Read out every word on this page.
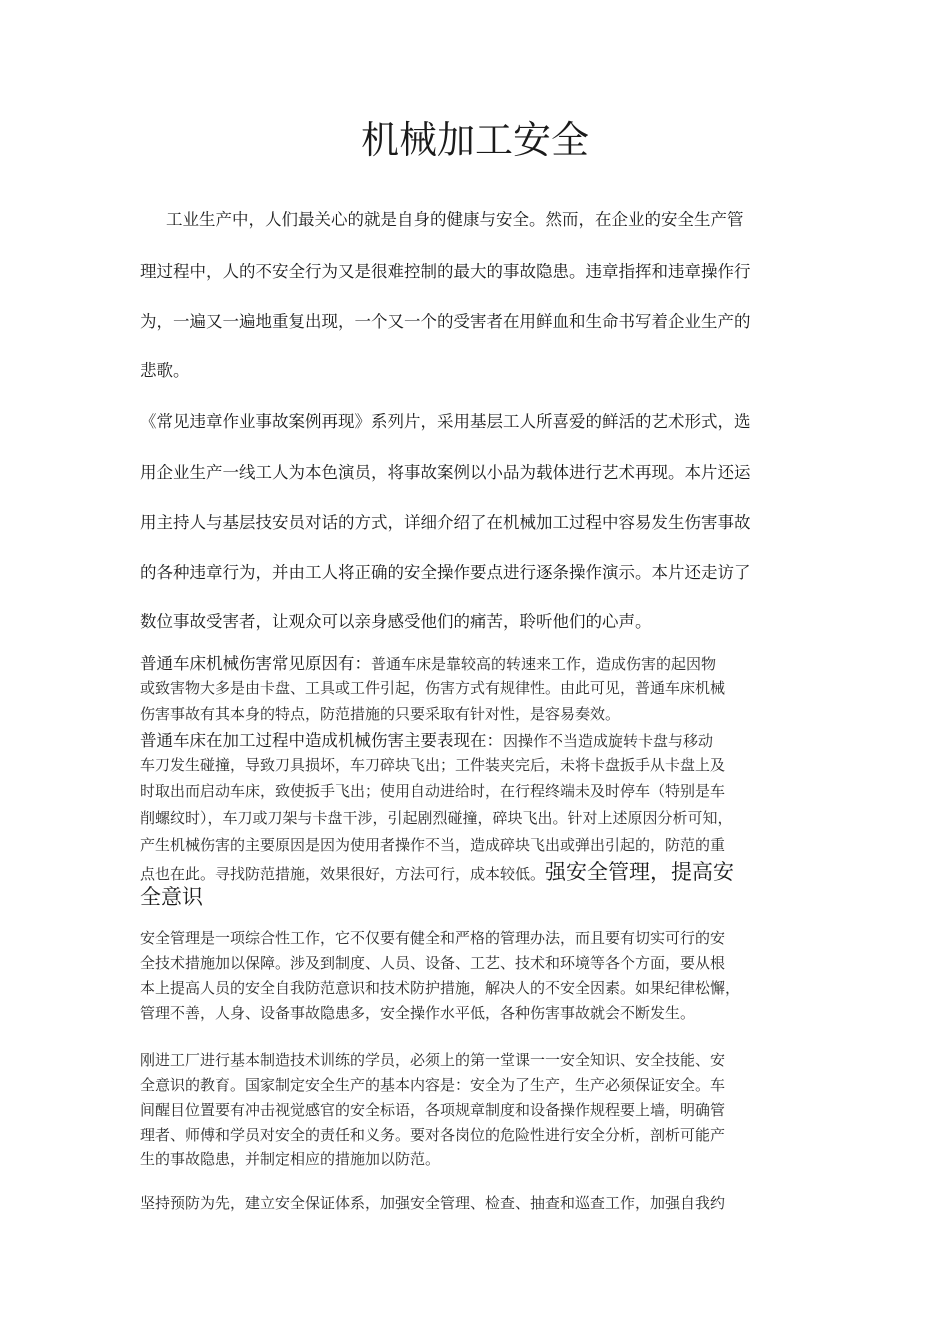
机械加工安全
工业生产中，人们最关心的就是自身的健康与安全。然而，在企业的安全生产管
理过程中，人的不安全行为又是很难控制的最大的事故隐患。违章指挥和违章操作行
为，一遍又一遍地重复出现，一个又一个的受害者在用鲜血和生命书写着企业生产的
悲歌。
《常见违章作业事故案例再现》系列片，采用基层工人所喜爱的鲜活的艺术形式，选
用企业生产一线工人为本色演员，将事故案例以小品为载体进行艺术再现。本片还运
用主持人与基层技安员对话的方式，详细介绍了在机械加工过程中容易发生伤害事故
的各种违章行为，并由工人将正确的安全操作要点进行逐条操作演示。本片还走访了
数位事故受害者，让观众可以亲身感受他们的痛苦，聆听他们的心声。
普通车床机械伤害常见原因有：普通车床是靠较高的转速来工作，造成伤害的起因物
或致害物大多是由卡盘、工具或工件引起，伤害方式有规律性。由此可见，普通车床机械
伤害事故有其本身的特点，防范措施的只要采取有针对性，是容易奏效。
普通车床在加工过程中造成机械伤害主要表现在：因操作不当造成旋转卡盘与移动
车刀发生碰撞，导致刀具损坏，车刀碎块飞出；工件装夹完后，未将卡盘扳手从卡盘上及
时取出而启动车床，致使扳手飞出；使用自动进给时，在行程终端未及时停车（特别是车
削螺纹时），车刀或刀架与卡盘干涉，引起剧烈碰撞，碎块飞出。针对上述原因分析可知，
产生机械伤害的主要原因是因为使用者操作不当，造成碎块飞出或弹出引起的，防范的重
点也在此。寻找防范措施，效果很好，方法可行，成本较低。强安全管理，提高安
全意识
安全管理是一项综合性工作，它不仅要有健全和严格的管理办法，而且要有切实可行的安
全技术措施加以保障。涉及到制度、人员、设备、工艺、技术和环境等各个方面，要从根
本上提高人员的安全自我防范意识和技术防护措施，解决人的不安全因素。如果纪律松懈，
管理不善，人身、设备事故隐患多，安全操作水平低，各种伤害事故就会不断发生。
刚进工厂进行基本制造技术训练的学员，必须上的第一堂课一一安全知识、安全技能、安
全意识的教育。国家制定安全生产的基本内容是：安全为了生产，生产必须保证安全。车
间醒目位置要有冲击视觉感官的安全标语，各项规章制度和设备操作规程要上墙，明确管
理者、师傅和学员对安全的责任和义务。要对各岗位的危险性进行安全分析，剖析可能产
生的事故隐患，并制定相应的措施加以防范。
坚持预防为先，建立安全保证体系，加强安全管理、检查、抽查和巡查工作，加强自我约
